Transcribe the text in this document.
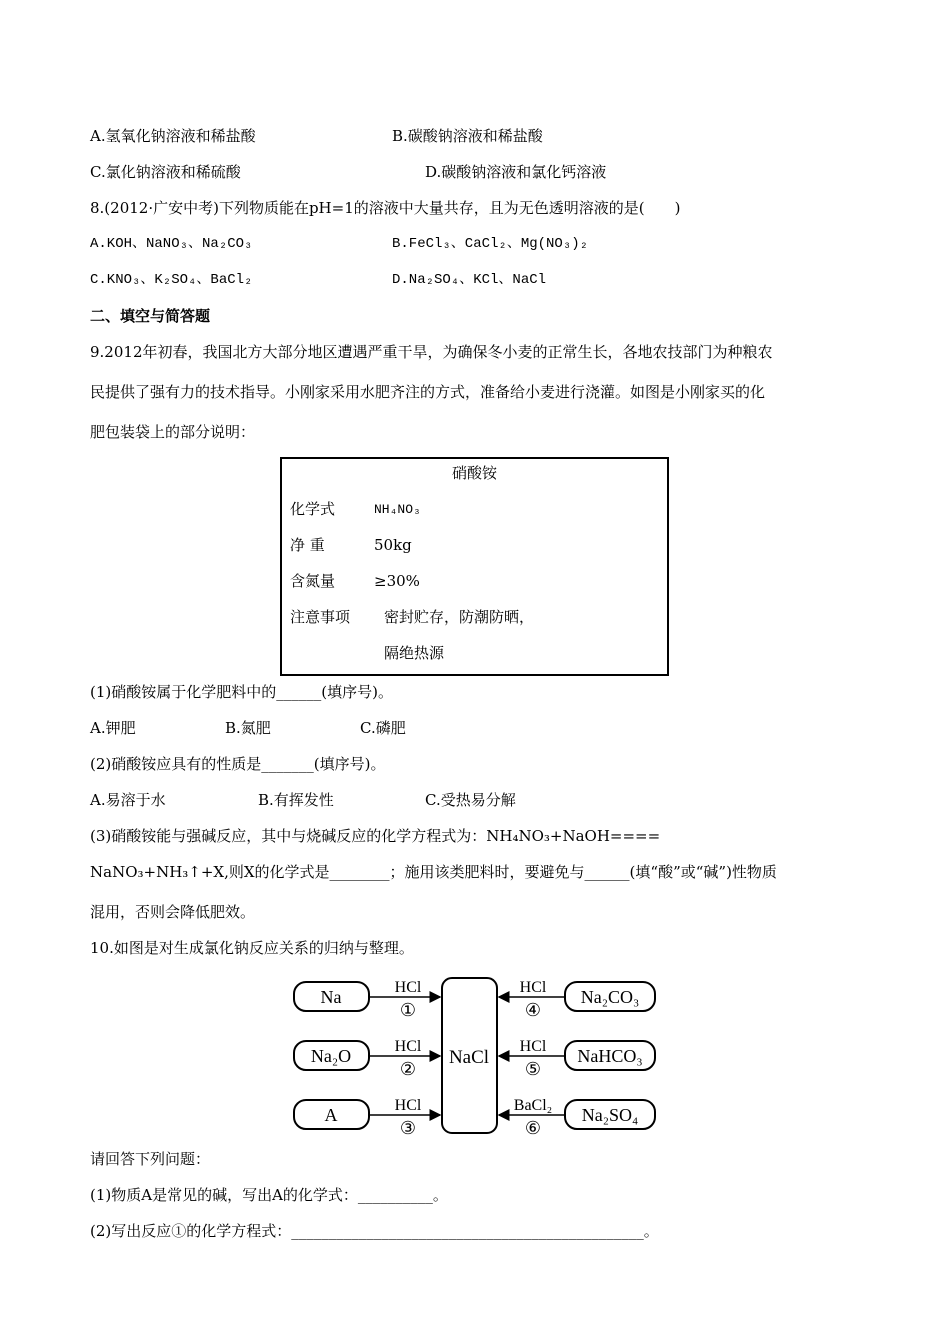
A.氢氧化钠溶液和稀盐酸	B.碳酸钠溶液和稀盐酸
C.氯化钠溶液和稀硫酸	D.碳酸钠溶液和氯化钙溶液
8.(2012·广安中考)下列物质能在pH=1的溶液中大量共存，且为无色透明溶液的是(　　)
A.KOH、NaNO₃、Na₂CO₃	B.FeCl₃、CaCl₂、Mg(NO₃)₂
C.KNO₃、K₂SO₄、BaCl₂	D.Na₂SO₄、KCl、NaCl
二、填空与简答题
9.2012年初春，我国北方大部分地区遭遇严重干旱，为确保冬小麦的正常生长，各地农技部门为种粮农
民提供了强有力的技术指导。小刚家采用水肥齐注的方式，准备给小麦进行浇灌。如图是小刚家买的化
肥包装袋上的部分说明：
硝酸铵
化学式	NH₄NO₃
净 重	50kg
含氮量	≥30%
注意事项 密封贮存，防潮防晒，
隔绝热源
(1)硝酸铵属于化学肥料中的______(填序号)。
A.钾肥	B.氮肥	C.磷肥
(2)硝酸铵应具有的性质是_______(填序号)。
A.易溶于水	B.有挥发性	C.受热易分解
(3)硝酸铵能与强碱反应，其中与烧碱反应的化学方程式为：NH₄NO₃+NaOH====
NaNO₃+NH₃↑+X,则X的化学式是________；施用该类肥料时，要避免与______(填“酸”或“碱”)性物质
混用，否则会降低肥效。
10.如图是对生成氯化钠反应关系的归纳与整理。
NaCl
Na
Na₂O
A
Na₂CO₃
NaHCO₃
Na₂SO₄
HCl
HCl
HCl
HCl
HCl
BaCl₂
①
②
③
④
⑤
⑥
请回答下列问题：
(1)物质A是常见的碱，写出A的化学式：__________。
(2)写出反应①的化学方程式：_______________________________________________。
